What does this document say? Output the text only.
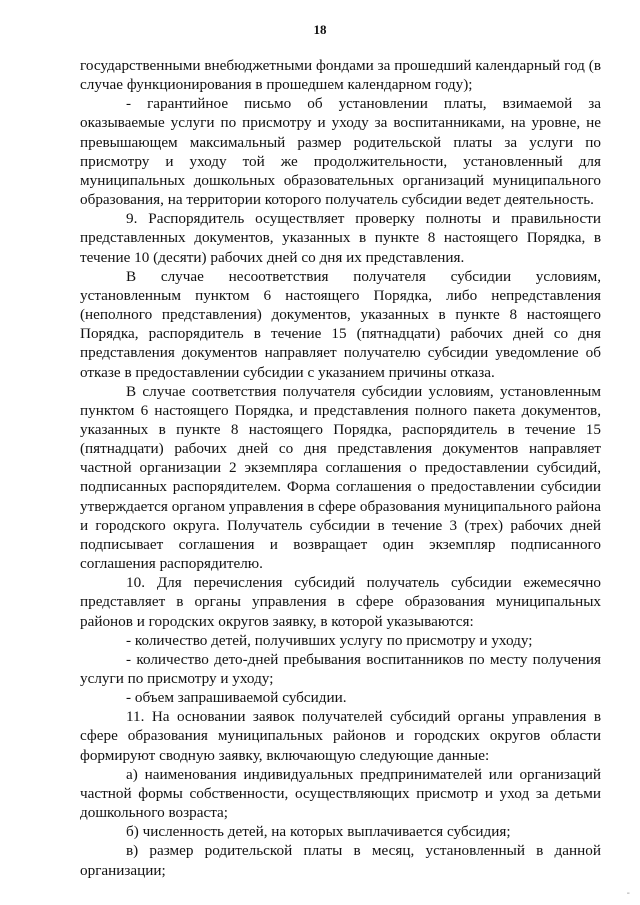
18

государственными внебюджетными фондами за прошедший календарный год (в случае функционирования в прошедшем календарном году);

- гарантийное письмо об установлении платы, взимаемой за оказываемые услуги по присмотру и уходу за воспитанниками, на уровне, не превышающем максимальный размер родительской платы за услуги по присмотру и уходу той же продолжительности, установленный для муниципальных дошкольных образовательных организаций муниципального образования, на территории которого получатель субсидии ведет деятельность.

9. Распорядитель осуществляет проверку полноты и правильности представленных документов, указанных в пункте 8 настоящего Порядка, в течение 10 (десяти) рабочих дней со дня их представления.

В случае несоответствия получателя субсидии условиям, установленным пунктом 6 настоящего Порядка, либо непредставления (неполного представления) документов, указанных в пункте 8 настоящего Порядка, распорядитель в течение 15 (пятнадцати) рабочих дней со дня представления документов направляет получателю субсидии уведомление об отказе в предоставлении субсидии с указанием причины отказа.

В случае соответствия получателя субсидии условиям, установленным пунктом 6 настоящего Порядка, и представления полного пакета документов, указанных в пункте 8 настоящего Порядка, распорядитель в течение 15 (пятнадцати) рабочих дней со дня представления документов направляет частной организации 2 экземпляра соглашения о предоставлении субсидий, подписанных распорядителем. Форма соглашения о предоставлении субсидии утверждается органом управления в сфере образования муниципального района и городского округа. Получатель субсидии в течение 3 (трех) рабочих дней подписывает соглашения и возвращает один экземпляр подписанного соглашения распорядителю.

10. Для перечисления субсидий получатель субсидии ежемесячно представляет в органы управления в сфере образования муниципальных районов и городских округов заявку, в которой указываются:

- количество детей, получивших услугу по присмотру и уходу;

- количество дето-дней пребывания воспитанников по месту получения услуги по присмотру и уходу;

- объем запрашиваемой субсидии.

11. На основании заявок получателей субсидий органы управления в сфере образования муниципальных районов и городских округов области формируют сводную заявку, включающую следующие данные:

а) наименования индивидуальных предпринимателей или организаций частной формы собственности, осуществляющих присмотр и уход за детьми дошкольного возраста;

б) численность детей, на которых выплачивается субсидия;

в) размер родительской платы в месяц, установленный в данной организации;

-
